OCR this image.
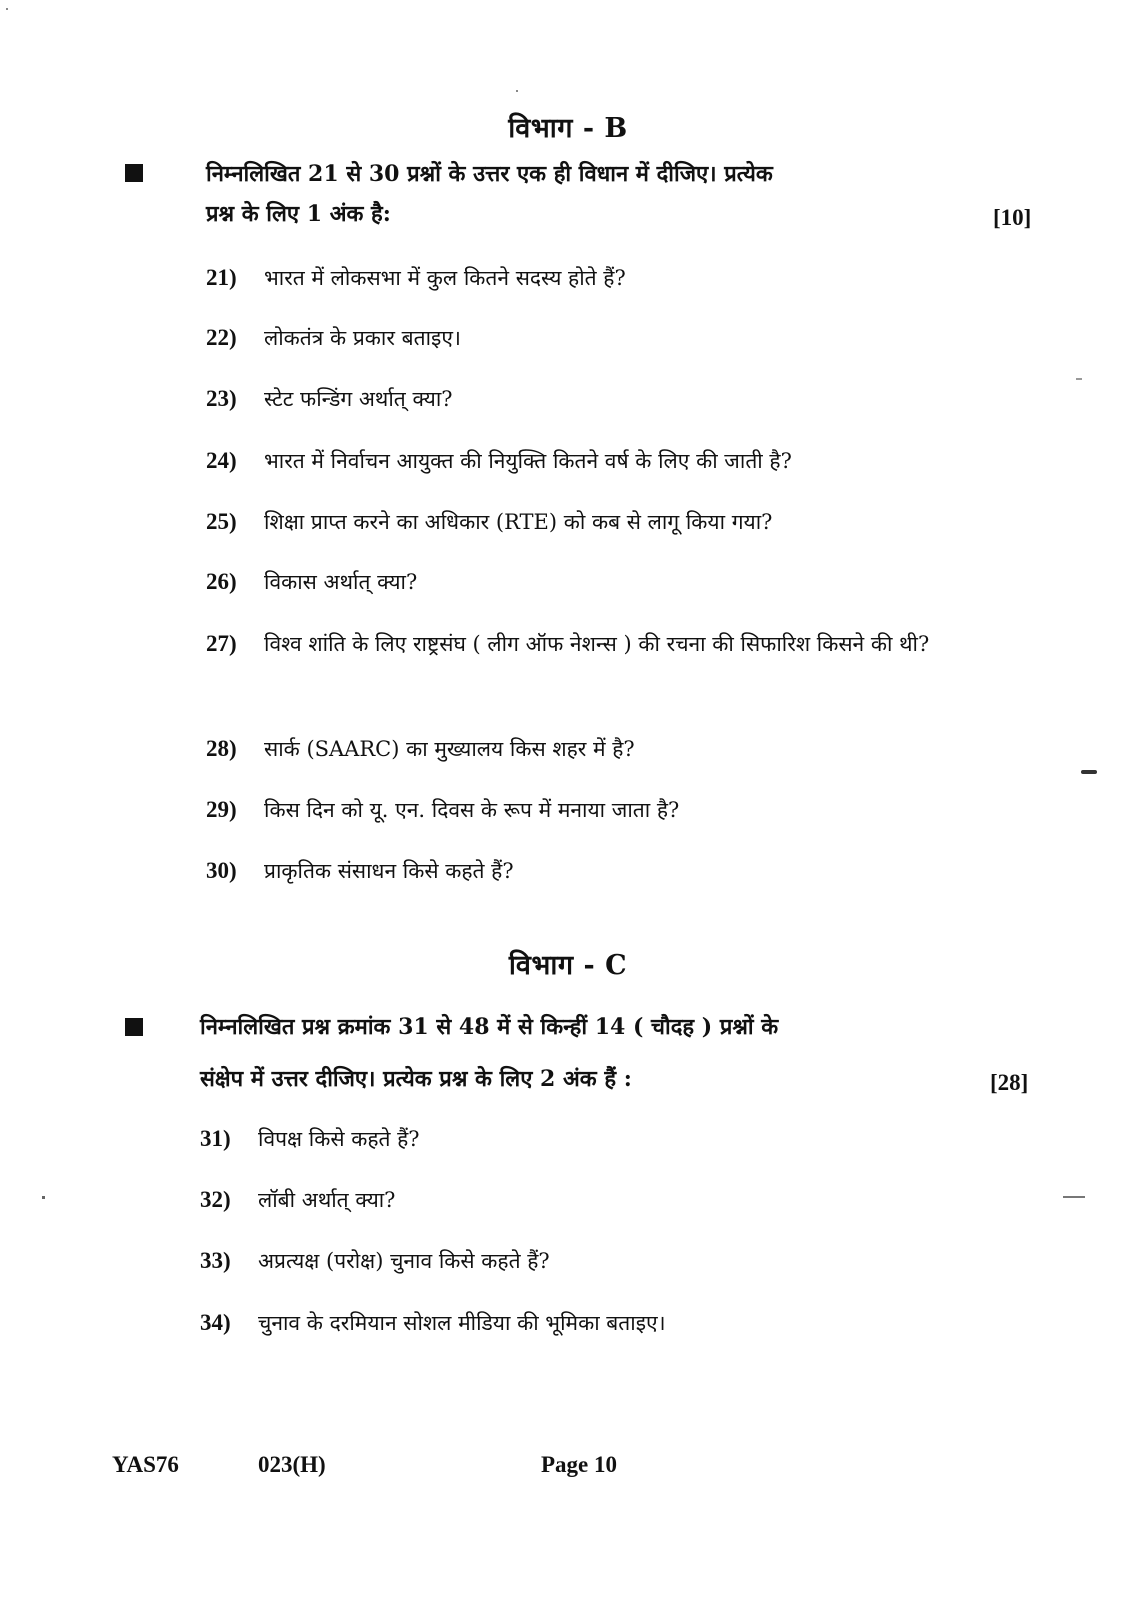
विभाग - B
निम्नलिखित 21 से 30 प्रश्नों के उत्तर एक ही विधान में दीजिए। प्रत्येक
प्रश्न के लिए 1 अंक है:	[10]
21)	भारत में लोकसभा में कुल कितने सदस्य होते हैं?
22)	लोकतंत्र के प्रकार बताइए।
23)	स्टेट फन्डिंग अर्थात् क्या?
24)	भारत में निर्वाचन आयुक्त की नियुक्ति कितने वर्ष के लिए की जाती है?
25)	शिक्षा प्राप्त करने का अधिकार (RTE) को कब से लागू किया गया?
26)	विकास अर्थात् क्या?
27)	विश्व शांति के लिए राष्ट्रसंघ ( लीग ऑफ नेशन्स ) की रचना की सिफारिश किसने की थी?
28)	सार्क (SAARC) का मुख्यालय किस शहर में है?
29)	किस दिन को यू. एन. दिवस के रूप में मनाया जाता है?
30)	प्राकृतिक संसाधन किसे कहते हैं?
विभाग - C
निम्नलिखित प्रश्न क्रमांक 31 से 48 में से किन्हीं 14 ( चौदह ) प्रश्नों के
संक्षेप में उत्तर दीजिए। प्रत्येक प्रश्न के लिए 2 अंक हैं :	[28]
31)	विपक्ष किसे कहते हैं?
32)	लॉबी अर्थात् क्या?
33)	अप्रत्यक्ष (परोक्ष) चुनाव किसे कहते हैं?
34)	चुनाव के दरमियान सोशल मीडिया की भूमिका बताइए।
YAS76	023(H)	Page 10
